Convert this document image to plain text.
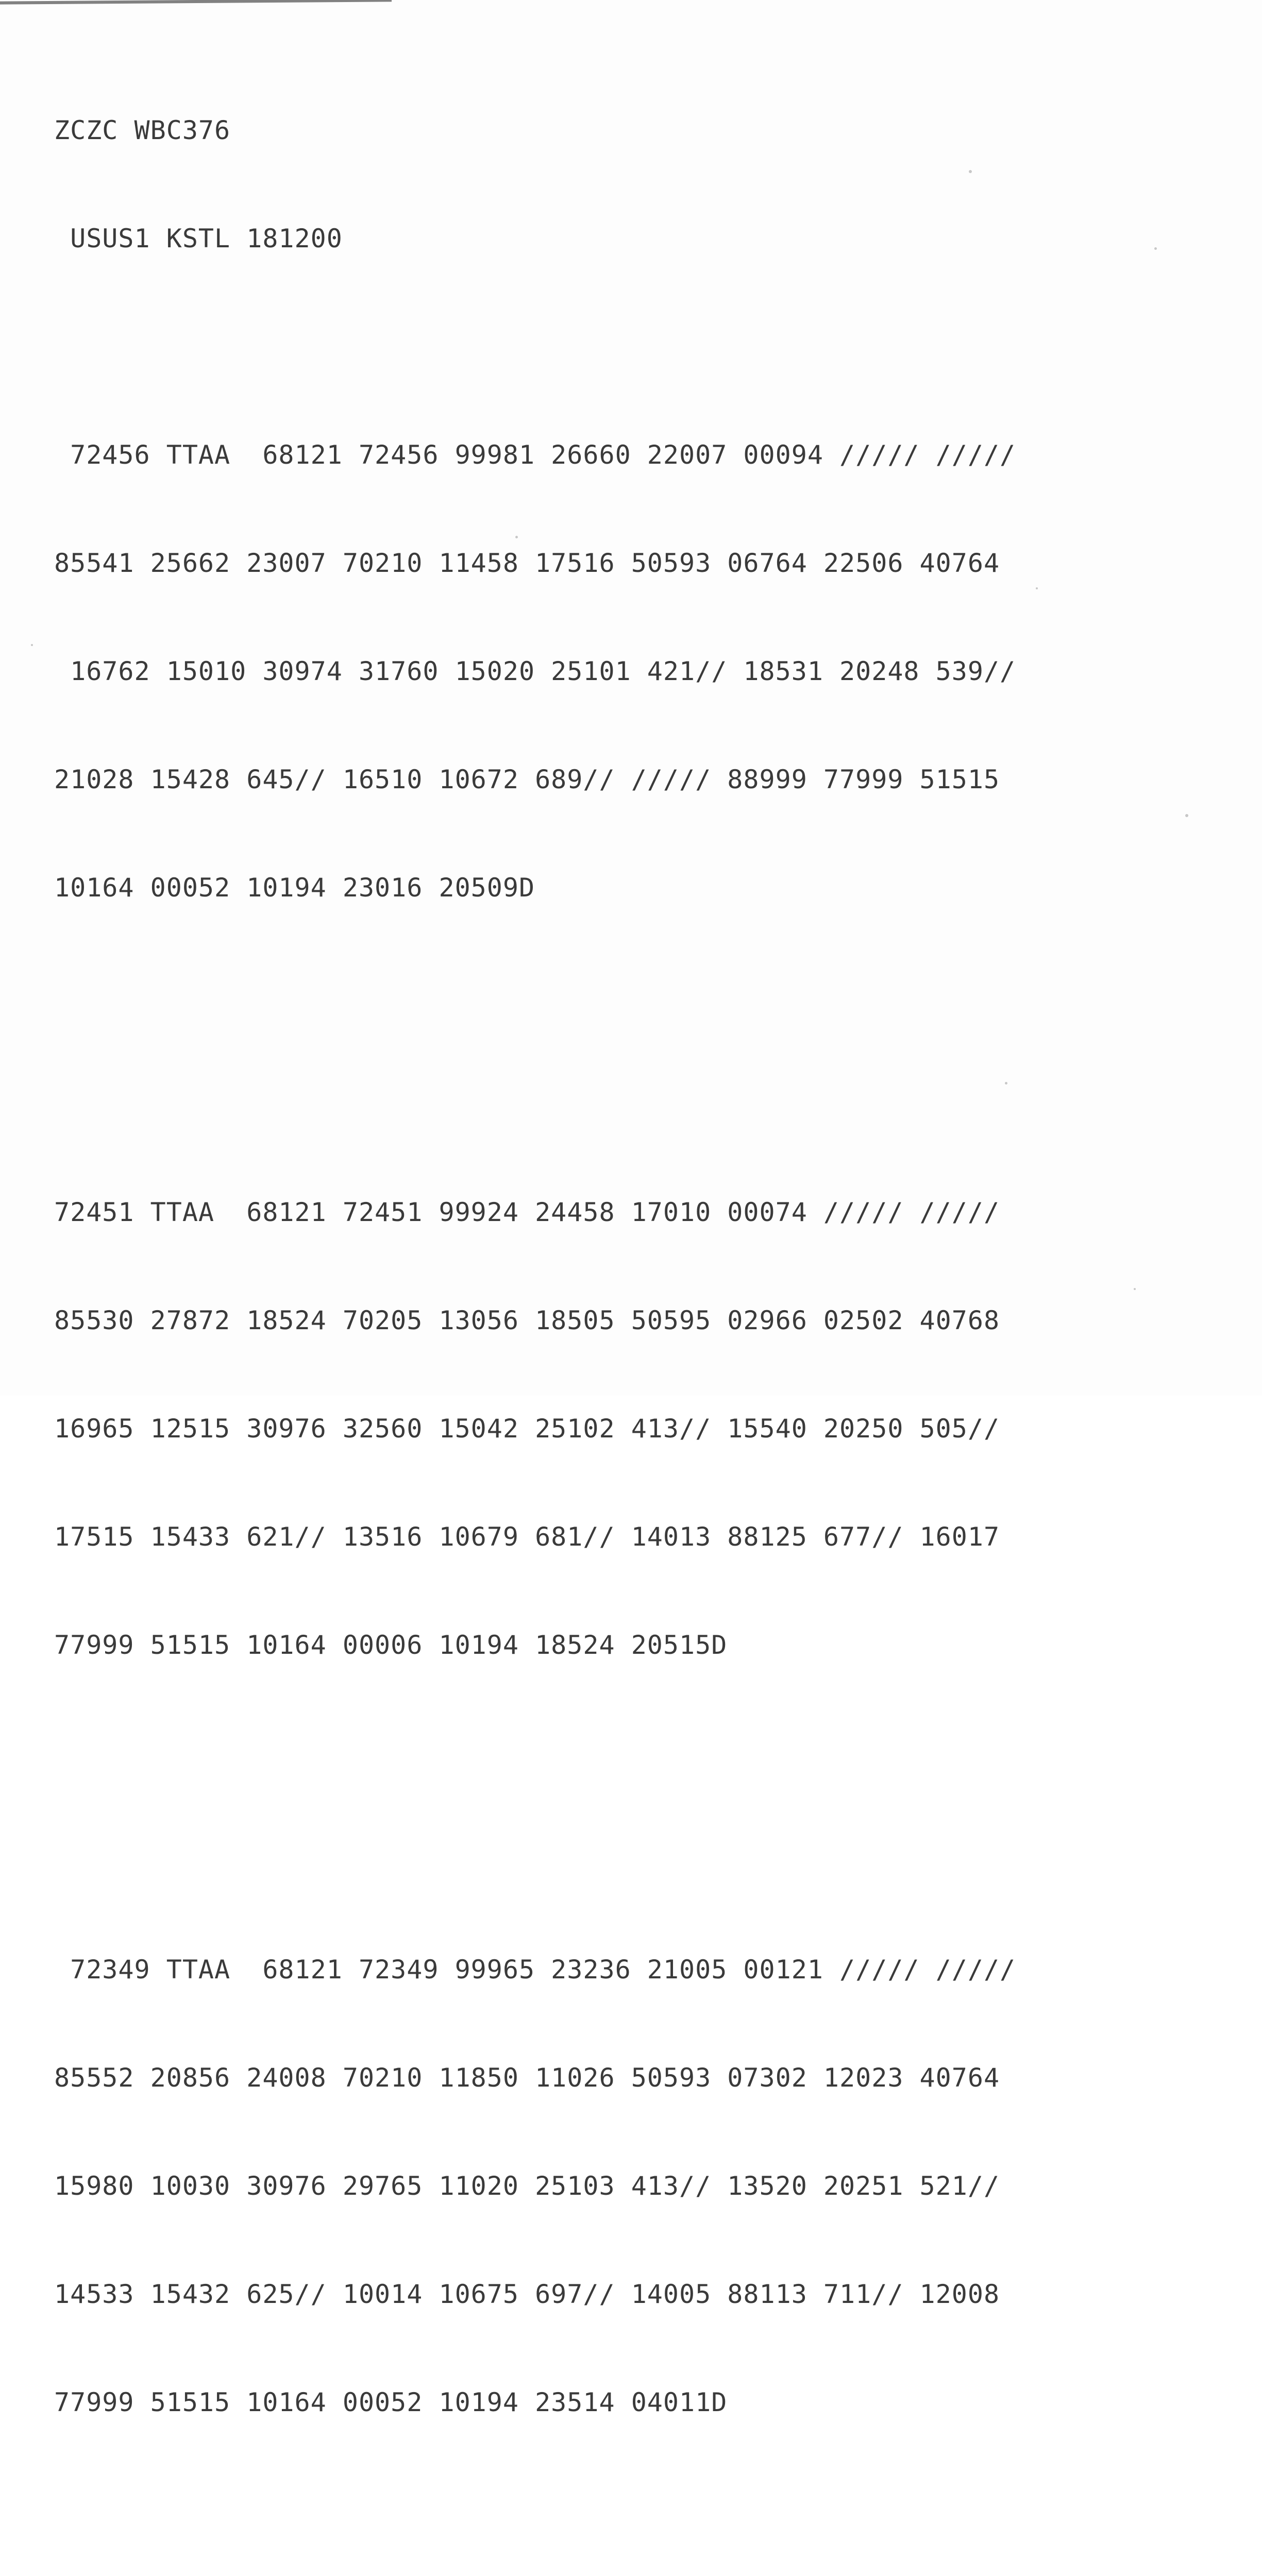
ZCZC WBC376

USUS1 KSTL 181200

72456 TTAA  68121 72456 99981 26660 22007 00094 ///// /////

85541 25662 23007 70210 11458 17516 50593 06764 22506 40764

16762 15010 30974 31760 15020 25101 421// 18531 20248 539//

21028 15428 645// 16510 10672 689// ///// 88999 77999 51515

10164 00052 10194 23016 20509D

72451 TTAA  68121 72451 99924 24458 17010 00074 ///// /////

85530 27872 18524 70205 13056 18505 50595 02966 02502 40768

16965 12515 30976 32560 15042 25102 413// 15540 20250 505//

17515 15433 621// 13516 10679 681// 14013 88125 677// 16017

77999 51515 10164 00006 10194 18524 20515D

72349 TTAA  68121 72349 99965 23236 21005 00121 ///// /////

85552 20856 24008 70210 11850 11026 50593 07302 12023 40764

15980 10030 30976 29765 11020 25103 413// 13520 20251 521//

14533 15432 625// 10014 10675 697// 14005 88113 711// 12008

77999 51515 10164 00052 10194 23514 04011D
